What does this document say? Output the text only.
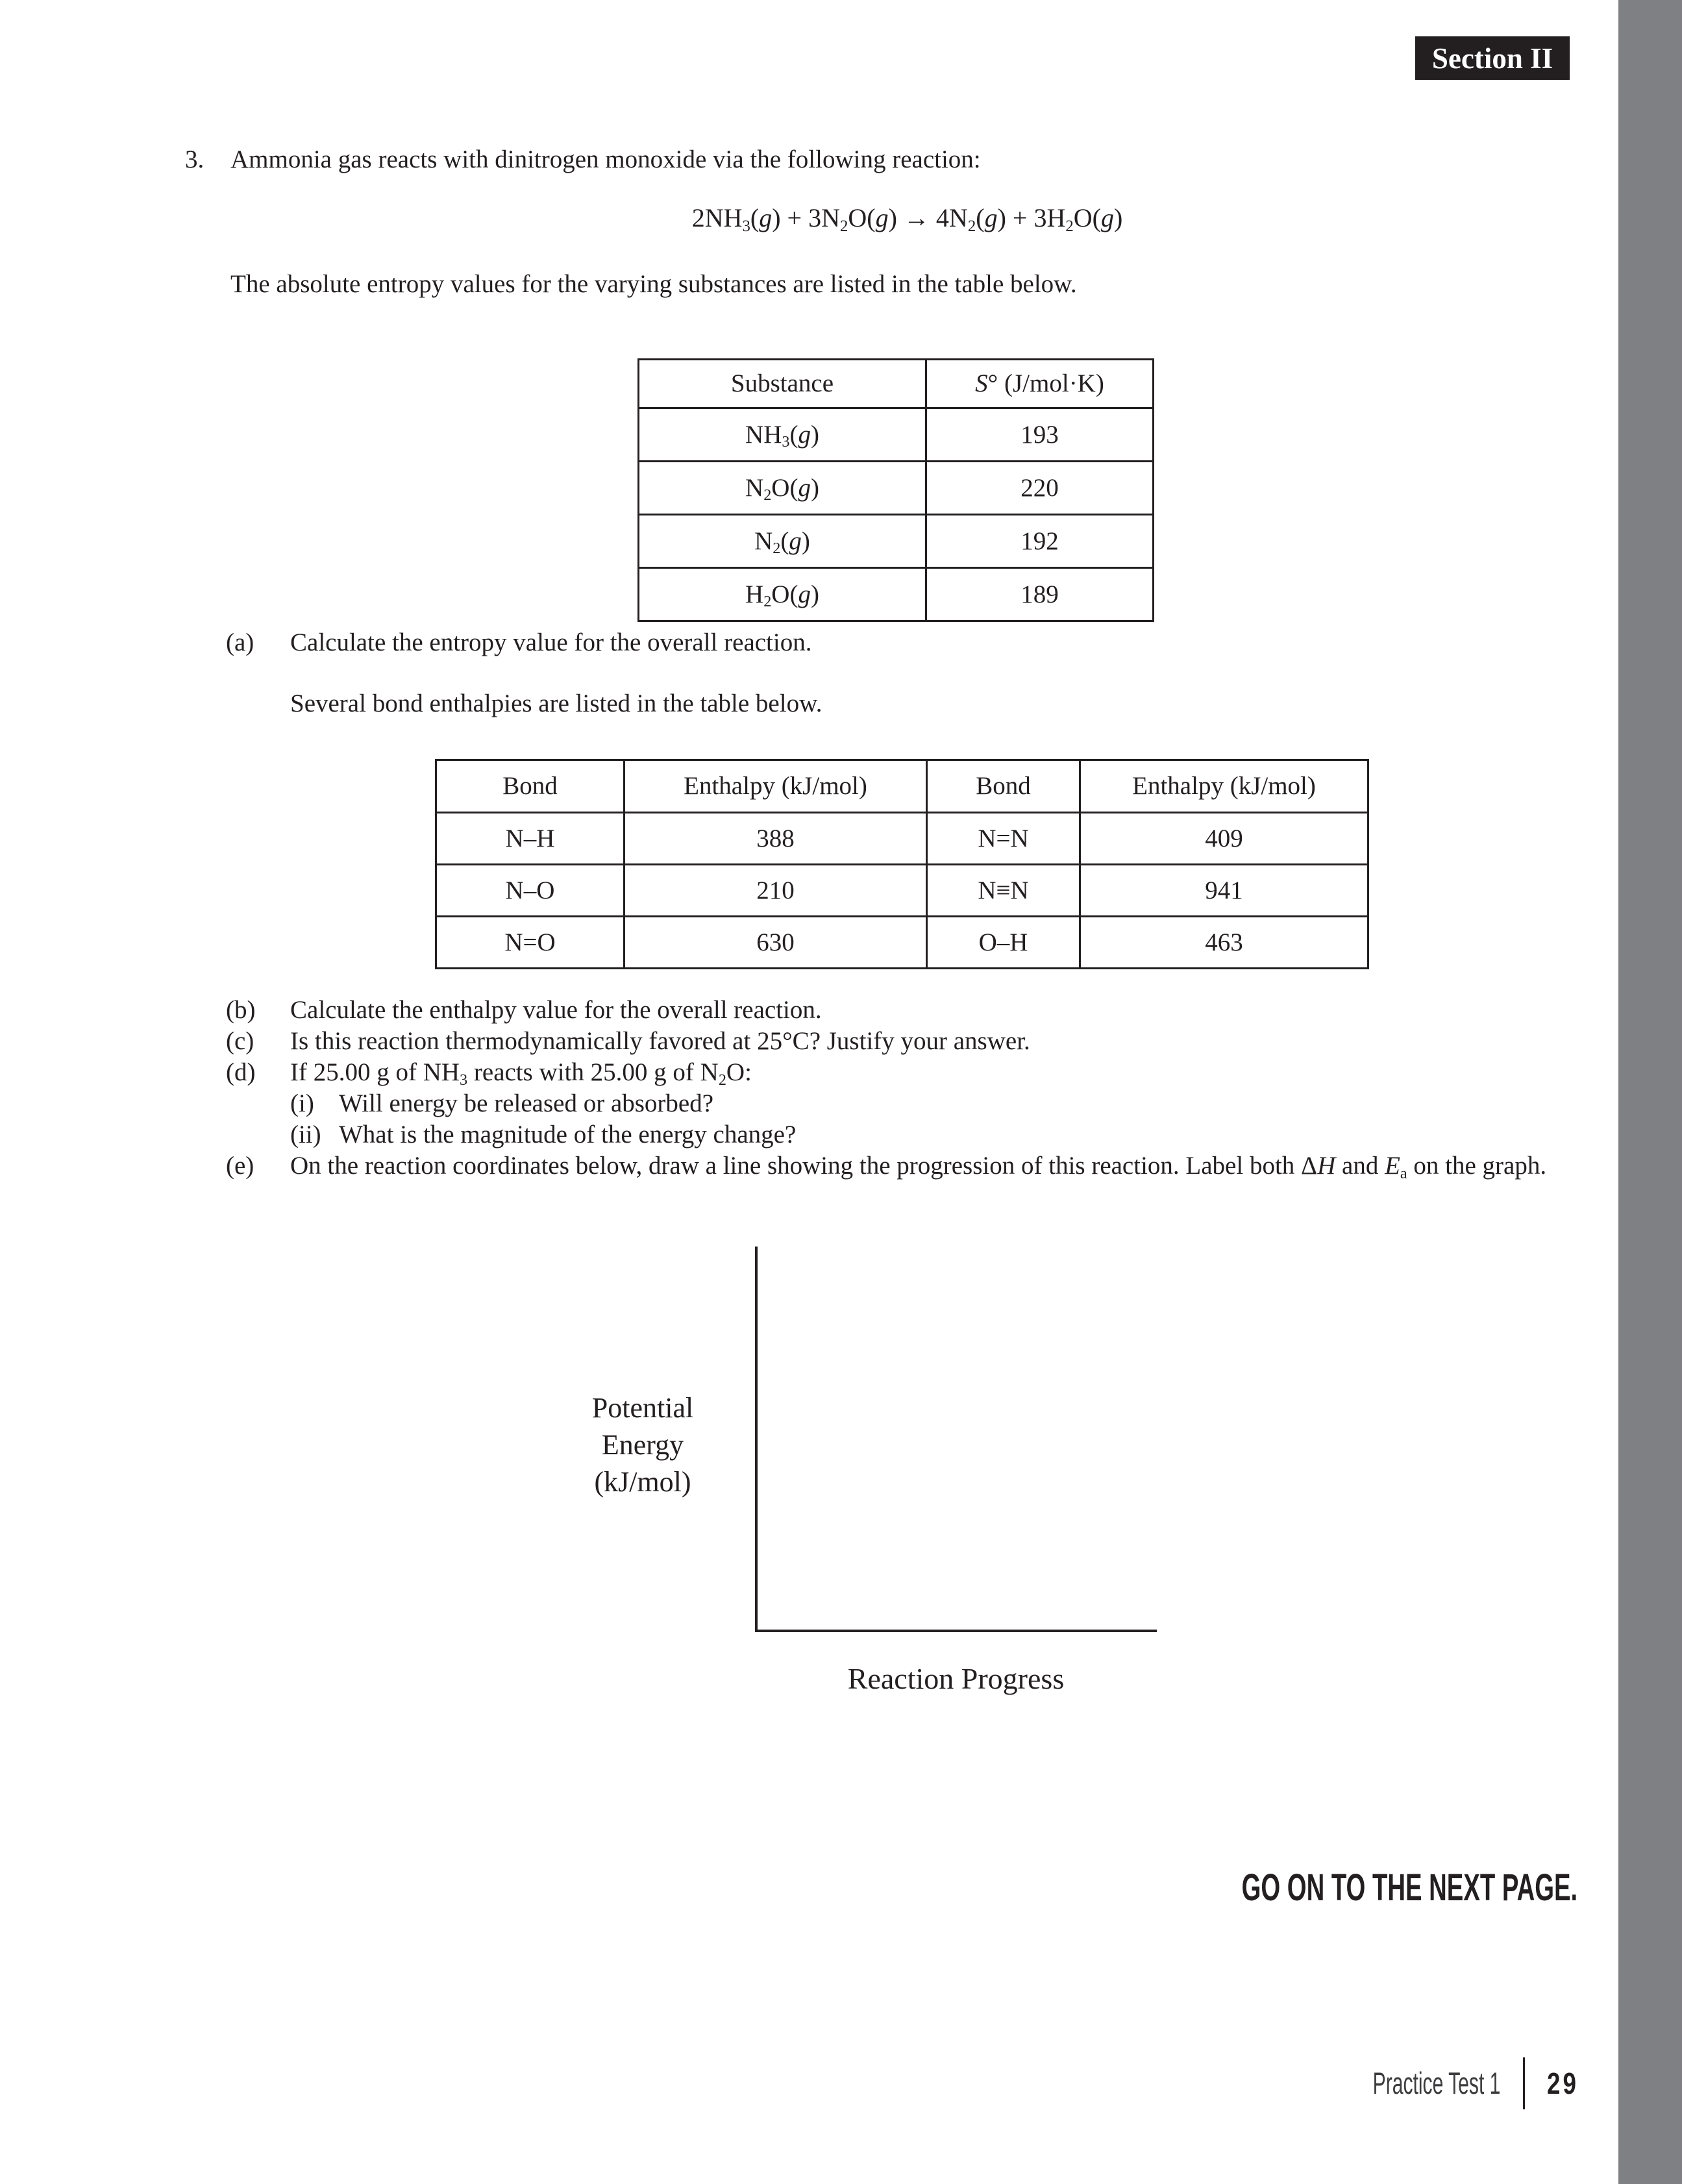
Section II
3.	Ammonia gas reacts with dinitrogen monoxide via the following reaction:
$2NH_3(g) + 3N_2O(g) \to 4N_2(g) + 3H_2O(g)$
The absolute entropy values for the varying substances are listed in the table below.
Substance	S° (J/mol·K)
$NH_3(g)$	193
$N_2O(g)$	220
$N_2(g)$	192
$H_2O(g)$	189
(a)	Calculate the entropy value for the overall reaction.
Several bond enthalpies are listed in the table below.
Bond	Enthalpy (kJ/mol)	Bond	Enthalpy (kJ/mol)
N–H	388	N=N	409
N–O	210	N≡N	941
N=O	630	O–H	463
(b)	Calculate the enthalpy value for the overall reaction.
(c)	Is this reaction thermodynamically favored at 25°C? Justify your answer.
(d)	If 25.00 g of $NH_3$ reacts with 25.00 g of $N_2O$:
(i) Will energy be released or absorbed?
(ii) What is the magnitude of the energy change?
(e)	On the reaction coordinates below, draw a line showing the progression of this reaction. Label both ΔH and $E_a$ on the graph.
Potential
Energy
(kJ/mol)
Reaction Progress
GO ON TO THE NEXT PAGE.
Practice Test 1 29
